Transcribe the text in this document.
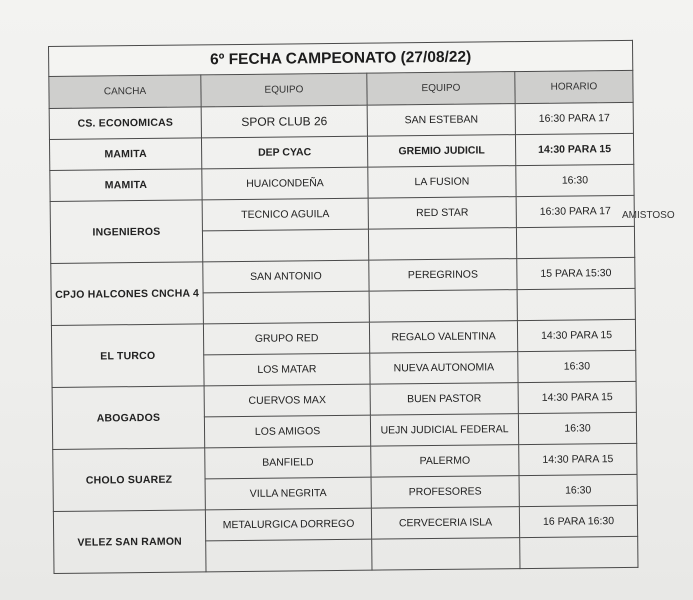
6º FECHA CAMPEONATO (27/08/22)			
CANCHA	EQUIPO	EQUIPO	HORARIO
CS. ECONOMICAS	SPOR CLUB 26	SAN ESTEBAN	16:30 PARA 17
MAMITA	DEP CYAC	GREMIO JUDICIL	14:30 PARA 15
MAMITA	HUAICONDEÑA	LA FUSION	16:30
INGENIEROS	TECNICO AGUILA	RED STAR	16:30 PARA 17

CPJO HALCONES CNCHA 4	SAN ANTONIO	PEREGRINOS	15 PARA 15:30

EL TURCO	GRUPO RED	REGALO VALENTINA	14:30 PARA 15
	LOS MATAR	NUEVA AUTONOMIA	16:30
ABOGADOS	CUERVOS MAX	BUEN PASTOR	14:30 PARA 15
	LOS AMIGOS	UEJN JUDICIAL FEDERAL	16:30
CHOLO SUAREZ	BANFIELD	PALERMO	14:30 PARA 15
	VILLA NEGRITA	PROFESORES	16:30
VELEZ SAN RAMON	METALURGICA DORREGO	CERVECERIA ISLA	16 PARA 16:30

AMISTOSO
